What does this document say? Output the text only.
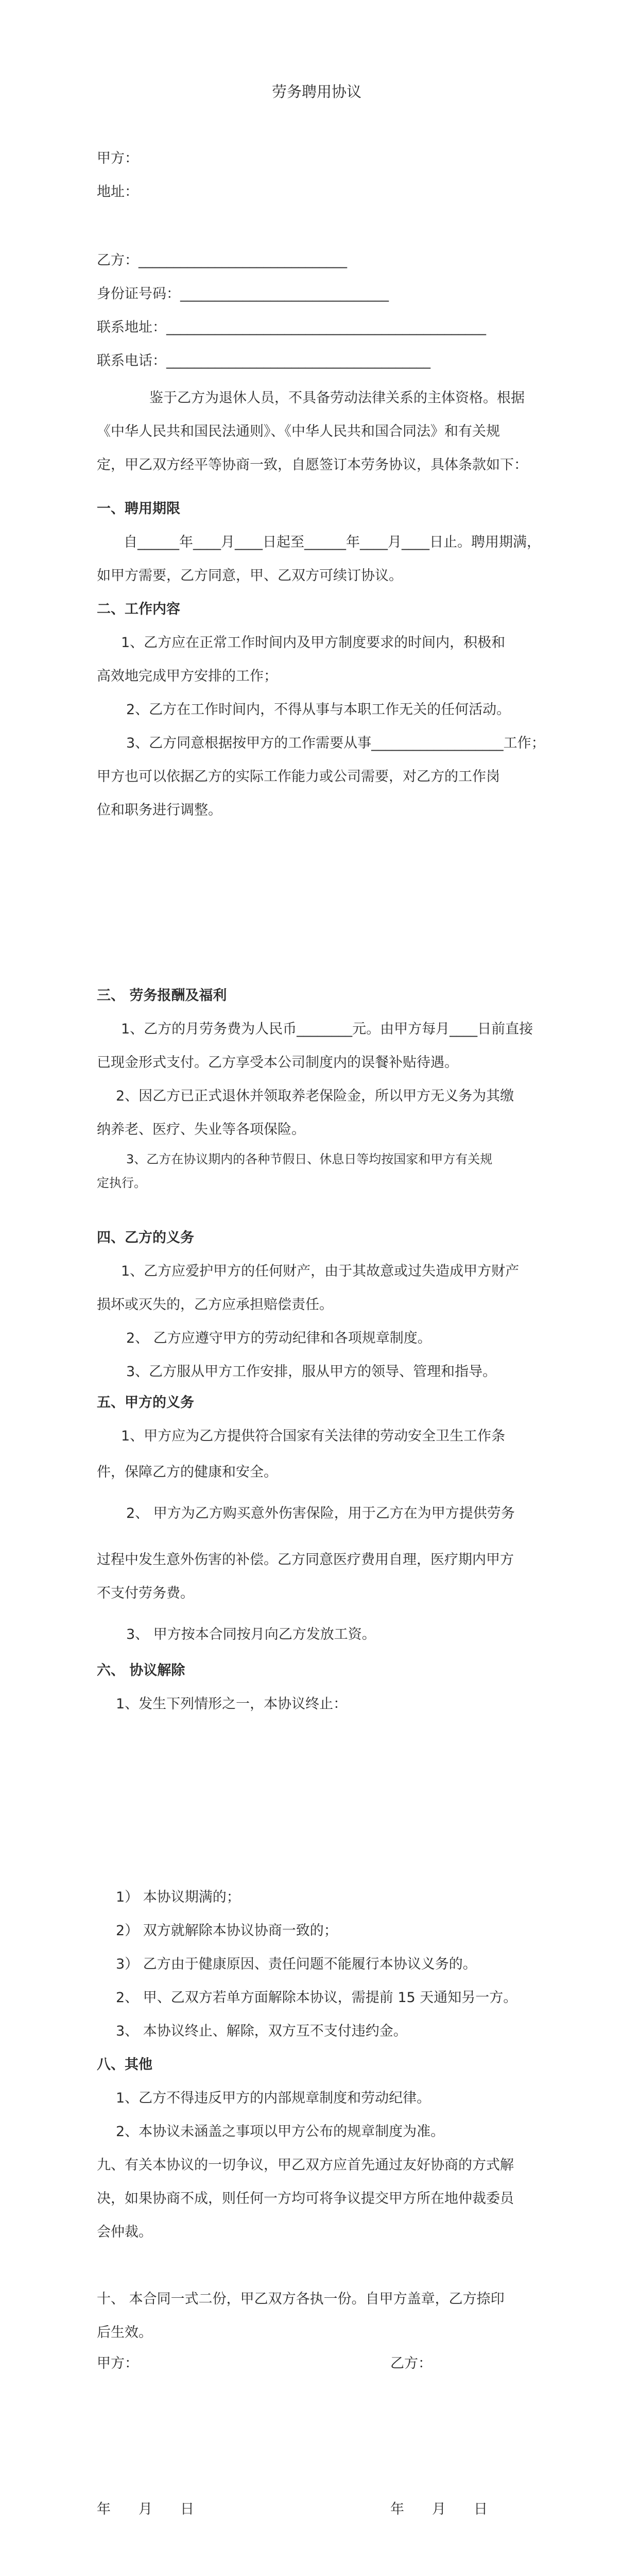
劳务聘用协议
甲方：
地址：
乙方：______________________________
身份证号码：______________________________
联系地址：______________________________________________
联系电话：______________________________________
鉴于乙方为退休人员，不具备劳动法律关系的主体资格。根据
《中华人民共和国民法通则》、《中华人民共和国合同法》和有关规
定，甲乙双方经平等协商一致，自愿签订本劳务协议，具体条款如下：
一、聘用期限
自______年____月____日起至______年____月____日止。聘用期满，
如甲方需要，乙方同意，甲、乙双方可续订协议。
二、工作内容
1、乙方应在正常工作时间内及甲方制度要求的时间内，积极和
高效地完成甲方安排的工作；
2、乙方在工作时间内，不得从事与本职工作无关的任何活动。
3、乙方同意根据按甲方的工作需要从事___________________工作；
甲方也可以依据乙方的实际工作能力或公司需要，对乙方的工作岗
位和职务进行调整。
三、 劳务报酬及福利
1、乙方的月劳务费为人民币________元。由甲方每月____日前直接
已现金形式支付。乙方享受本公司制度内的误餐补贴待遇。
2、因乙方已正式退休并领取养老保险金，所以甲方无义务为其缴
纳养老、医疗、失业等各项保险。
3、乙方在协议期内的各种节假日、休息日等均按国家和甲方有关规
定执行。
四、乙方的义务
1、乙方应爱护甲方的任何财产，由于其故意或过失造成甲方财产
损坏或灭失的，乙方应承担赔偿责任。
2、 乙方应遵守甲方的劳动纪律和各项规章制度。
3、乙方服从甲方工作安排，服从甲方的领导、管理和指导。
五、甲方的义务
1、甲方应为乙方提供符合国家有关法律的劳动安全卫生工作条
件，保障乙方的健康和安全。
2、 甲方为乙方购买意外伤害保险，用于乙方在为甲方提供劳务
过程中发生意外伤害的补偿。乙方同意医疗费用自理，医疗期内甲方
不支付劳务费。
3、 甲方按本合同按月向乙方发放工资。
六、 协议解除
1、发生下列情形之一，本协议终止：
1） 本协议期满的；
2） 双方就解除本协议协商一致的；
3） 乙方由于健康原因、责任问题不能履行本协议义务的。
2、 甲、乙双方若单方面解除本协议，需提前 15 天通知另一方。
3、 本协议终止、解除，双方互不支付违约金。
八、其他
1、乙方不得违反甲方的内部规章制度和劳动纪律。
2、本协议未涵盖之事项以甲方公布的规章制度为准。
九、有关本协议的一切争议，甲乙双方应首先通过友好协商的方式解
决，如果协商不成，则任何一方均可将争议提交甲方所在地仲裁委员
会仲裁。
十、 本合同一式二份，甲乙双方各执一份。自甲方盖章，乙方捺印
后生效。
甲方：	乙方：
年　　月　　日	年　　月　　日
